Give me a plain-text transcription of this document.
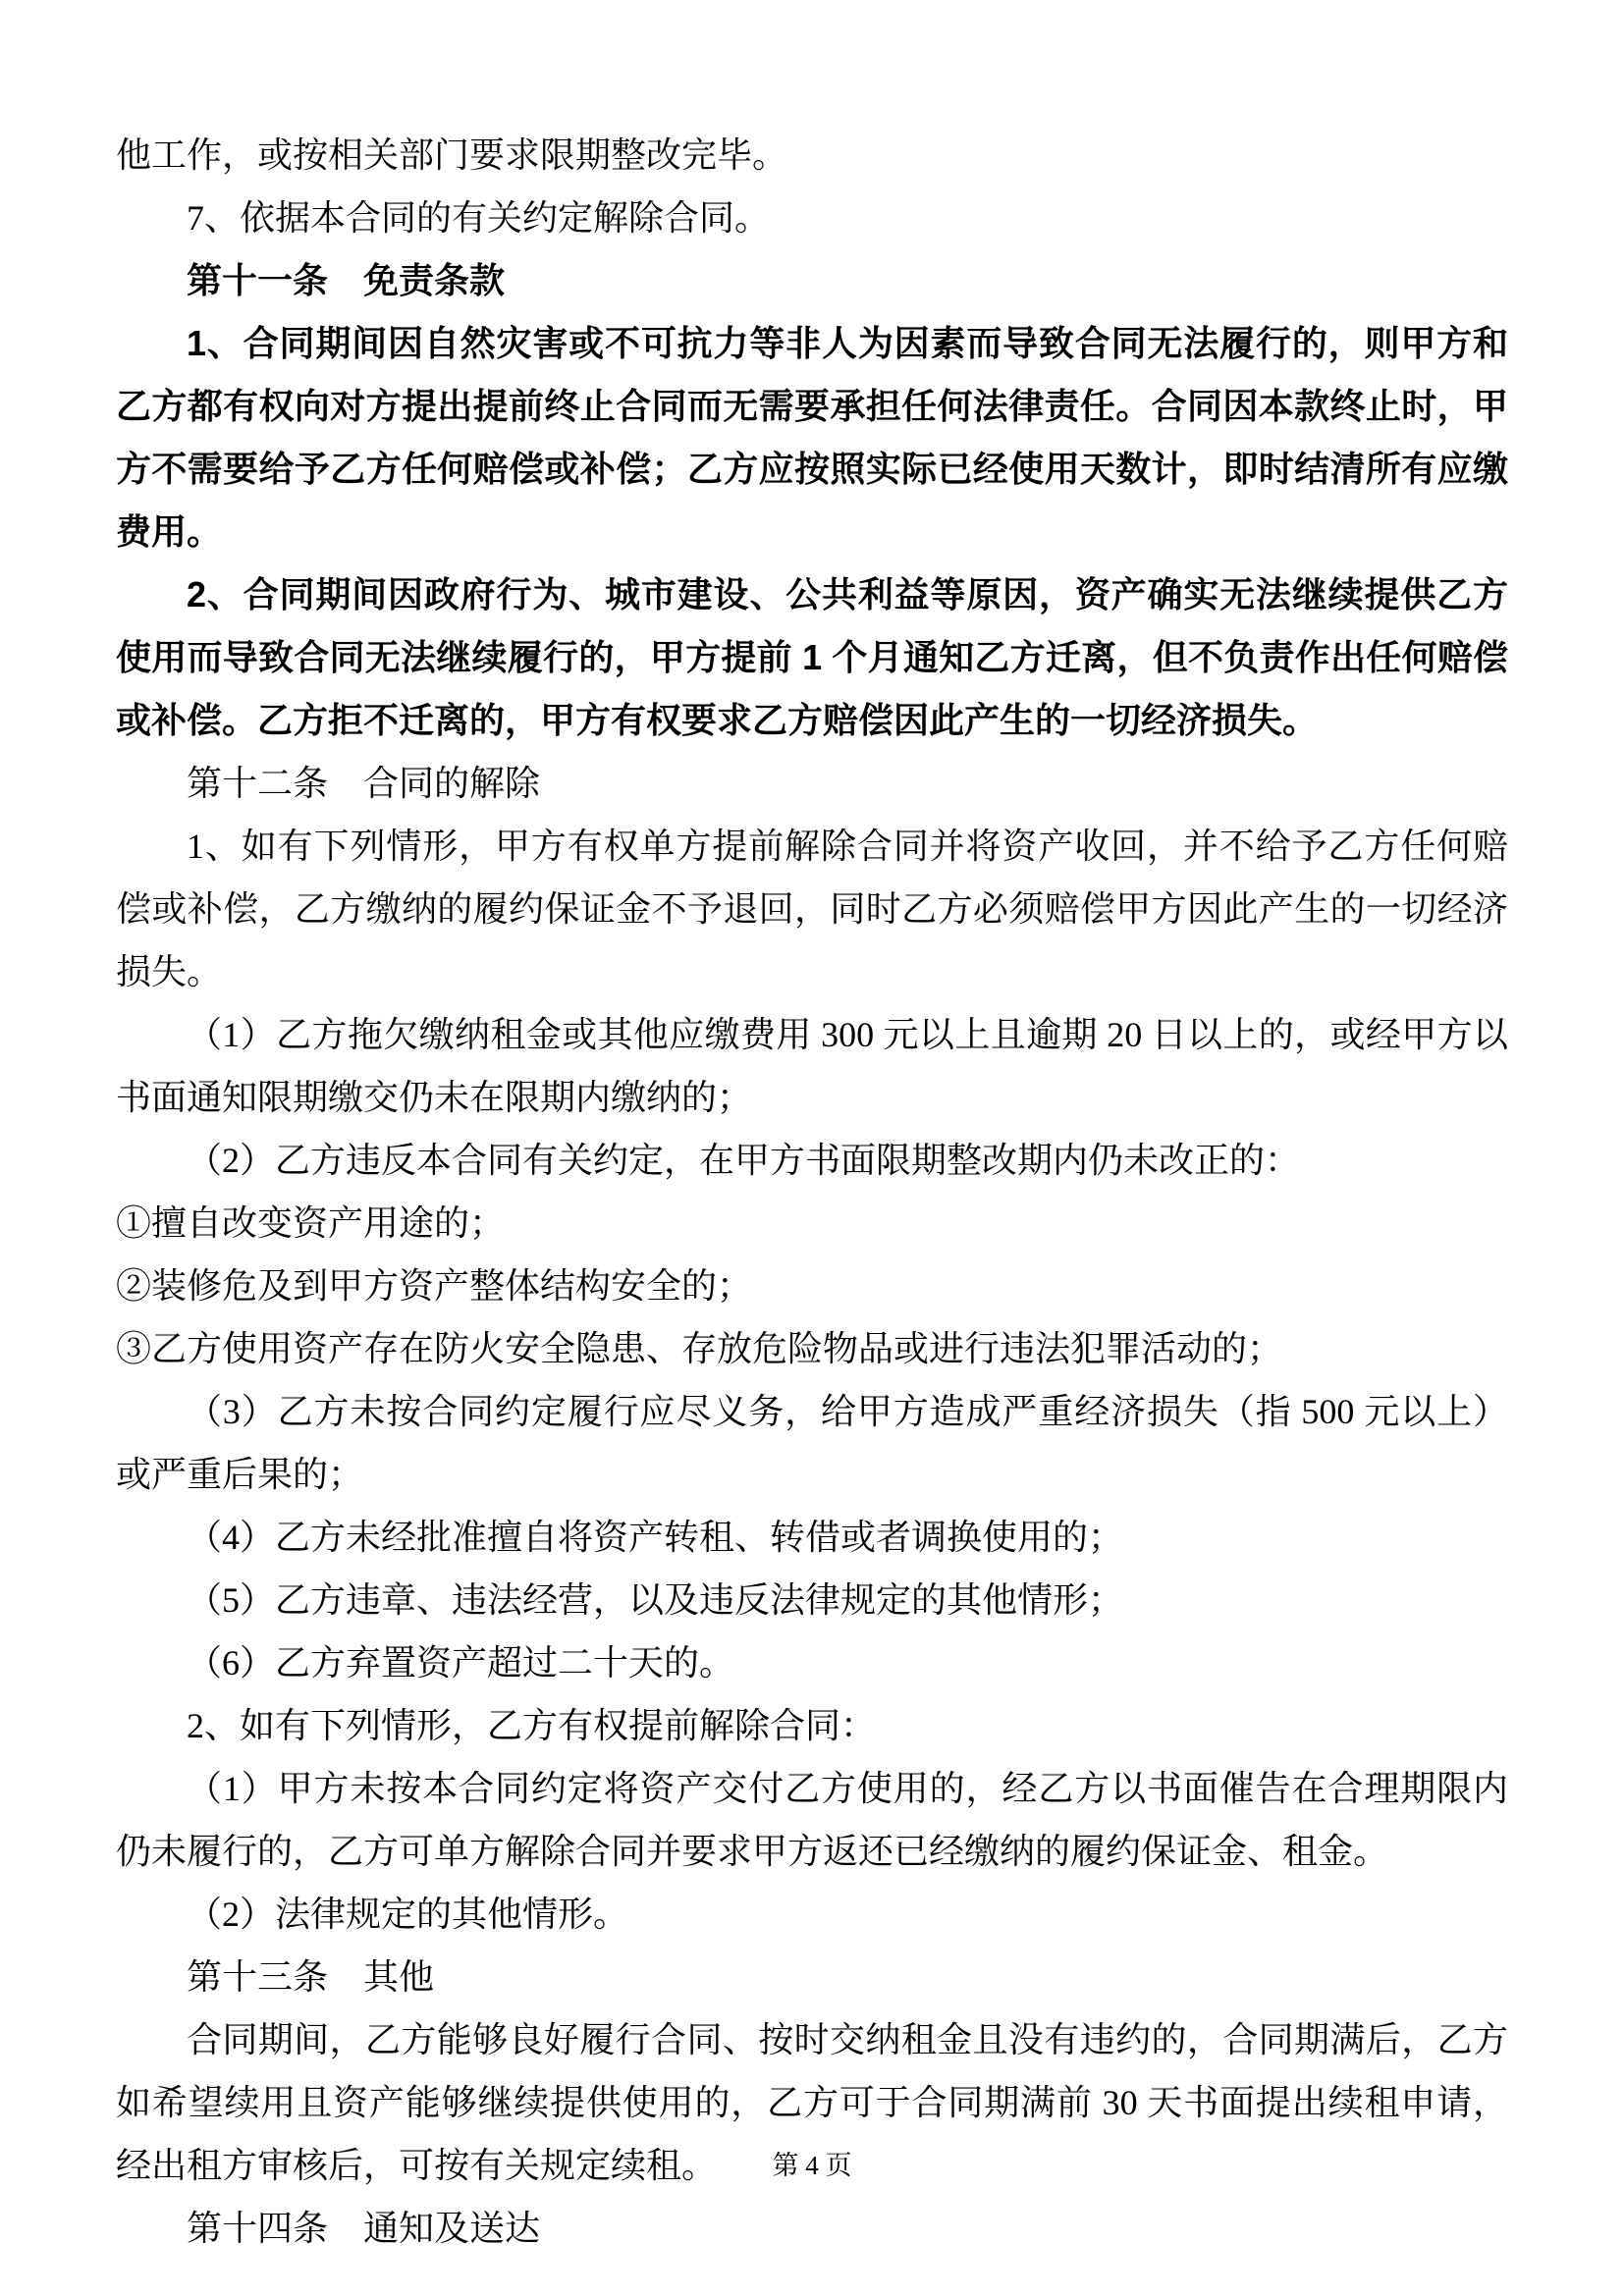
他工作，或按相关部门要求限期整改完毕。

7、依据本合同的有关约定解除合同。

第十一条　免责条款

1、合同期间因自然灾害或不可抗力等非人为因素而导致合同无法履行的，则甲方和乙方都有权向对方提出提前终止合同而无需要承担任何法律责任。合同因本款终止时，甲方不需要给予乙方任何赔偿或补偿；乙方应按照实际已经使用天数计，即时结清所有应缴费用。

2、合同期间因政府行为、城市建设、公共利益等原因，资产确实无法继续提供乙方使用而导致合同无法继续履行的，甲方提前 1 个月通知乙方迁离，但不负责作出任何赔偿或补偿。乙方拒不迁离的，甲方有权要求乙方赔偿因此产生的一切经济损失。

第十二条　合同的解除

1、如有下列情形，甲方有权单方提前解除合同并将资产收回，并不给予乙方任何赔偿或补偿，乙方缴纳的履约保证金不予退回，同时乙方必须赔偿甲方因此产生的一切经济损失。

（1）乙方拖欠缴纳租金或其他应缴费用 300 元以上且逾期 20 日以上的，或经甲方以书面通知限期缴交仍未在限期内缴纳的；

（2）乙方违反本合同有关约定，在甲方书面限期整改期内仍未改正的：

①擅自改变资产用途的；

②装修危及到甲方资产整体结构安全的；

③乙方使用资产存在防火安全隐患、存放危险物品或进行违法犯罪活动的；

（3）乙方未按合同约定履行应尽义务，给甲方造成严重经济损失（指 500 元以上）或严重后果的；

（4）乙方未经批准擅自将资产转租、转借或者调换使用的；

（5）乙方违章、违法经营，以及违反法律规定的其他情形；

（6）乙方弃置资产超过二十天的。

2、如有下列情形，乙方有权提前解除合同：

（1）甲方未按本合同约定将资产交付乙方使用的，经乙方以书面催告在合理期限内仍未履行的，乙方可单方解除合同并要求甲方返还已经缴纳的履约保证金、租金。

（2）法律规定的其他情形。

第十三条　其他

合同期间，乙方能够良好履行合同、按时交纳租金且没有违约的，合同期满后，乙方如希望续用且资产能够继续提供使用的，乙方可于合同期满前 30 天书面提出续租申请，经出租方审核后，可按有关规定续租。

第十四条　通知及送达

第 4 页
